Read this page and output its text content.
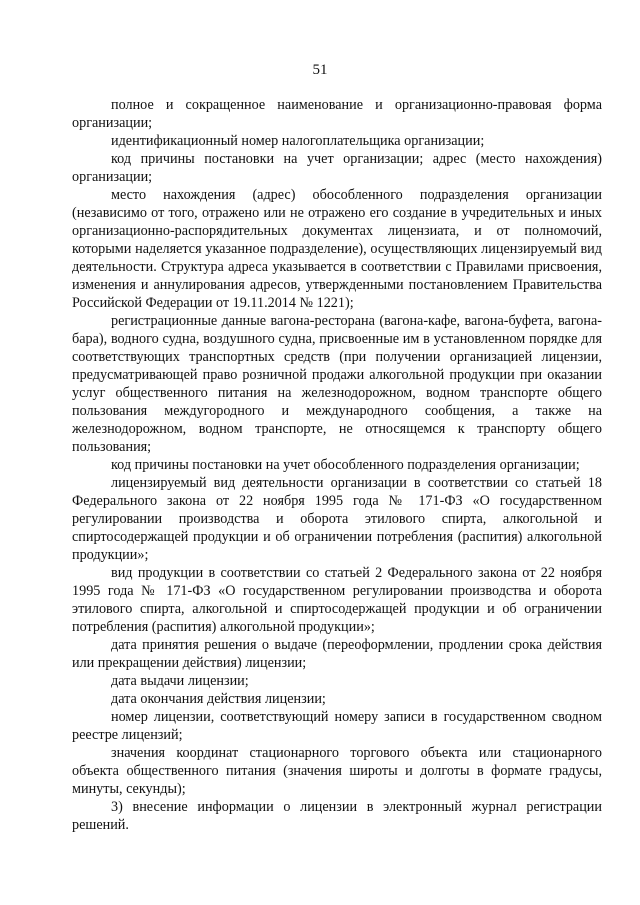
51

полное и сокращенное наименование и организационно-правовая форма организации;

идентификационный номер налогоплательщика организации;

код причины постановки на учет организации; адрес (место нахождения) организации;

место нахождения (адрес) обособленного подразделения организации (независимо от того, отражено или не отражено его создание в учредительных и иных организационно-распорядительных документах лицензиата, и от полномочий, которыми наделяется указанное подразделение), осуществляющих лицензируемый вид деятельности. Структура адреса указывается в соответствии с Правилами присвоения, изменения и аннулирования адресов, утвержденными постановлением Правительства Российской Федерации от 19.11.2014 № 1221);

регистрационные данные вагона-ресторана (вагона-кафе, вагона-буфета, вагона-бара), водного судна, воздушного судна, присвоенные им в установленном порядке для соответствующих транспортных средств (при получении организацией лицензии, предусматривающей право розничной продажи алкогольной продукции при оказании услуг общественного питания на железнодорожном, водном транспорте общего пользования междугородного и международного сообщения, а также на железнодорожном, водном транспорте, не относящемся к транспорту общего пользования;

код причины постановки на учет обособленного подразделения организации;

лицензируемый вид деятельности организации в соответствии со статьей 18 Федерального закона от 22 ноября 1995 года № 171-ФЗ «О государственном регулировании производства и оборота этилового спирта, алкогольной и спиртосодержащей продукции и об ограничении потребления (распития) алкогольной продукции»;

вид продукции в соответствии со статьей 2 Федерального закона от 22 ноября 1995 года № 171-ФЗ «О государственном регулировании производства и оборота этилового спирта, алкогольной и спиртосодержащей продукции и об ограничении потребления (распития) алкогольной продукции»;

дата принятия решения о выдаче (переоформлении, продлении срока действия или прекращении действия) лицензии;

дата выдачи лицензии;

дата окончания действия лицензии;

номер лицензии, соответствующий номеру записи в государственном сводном реестре лицензий;

значения координат стационарного торгового объекта или стационарного объекта общественного питания (значения широты и долготы в формате градусы, минуты, секунды);

3) внесение информации о лицензии в электронный журнал регистрации решений.
